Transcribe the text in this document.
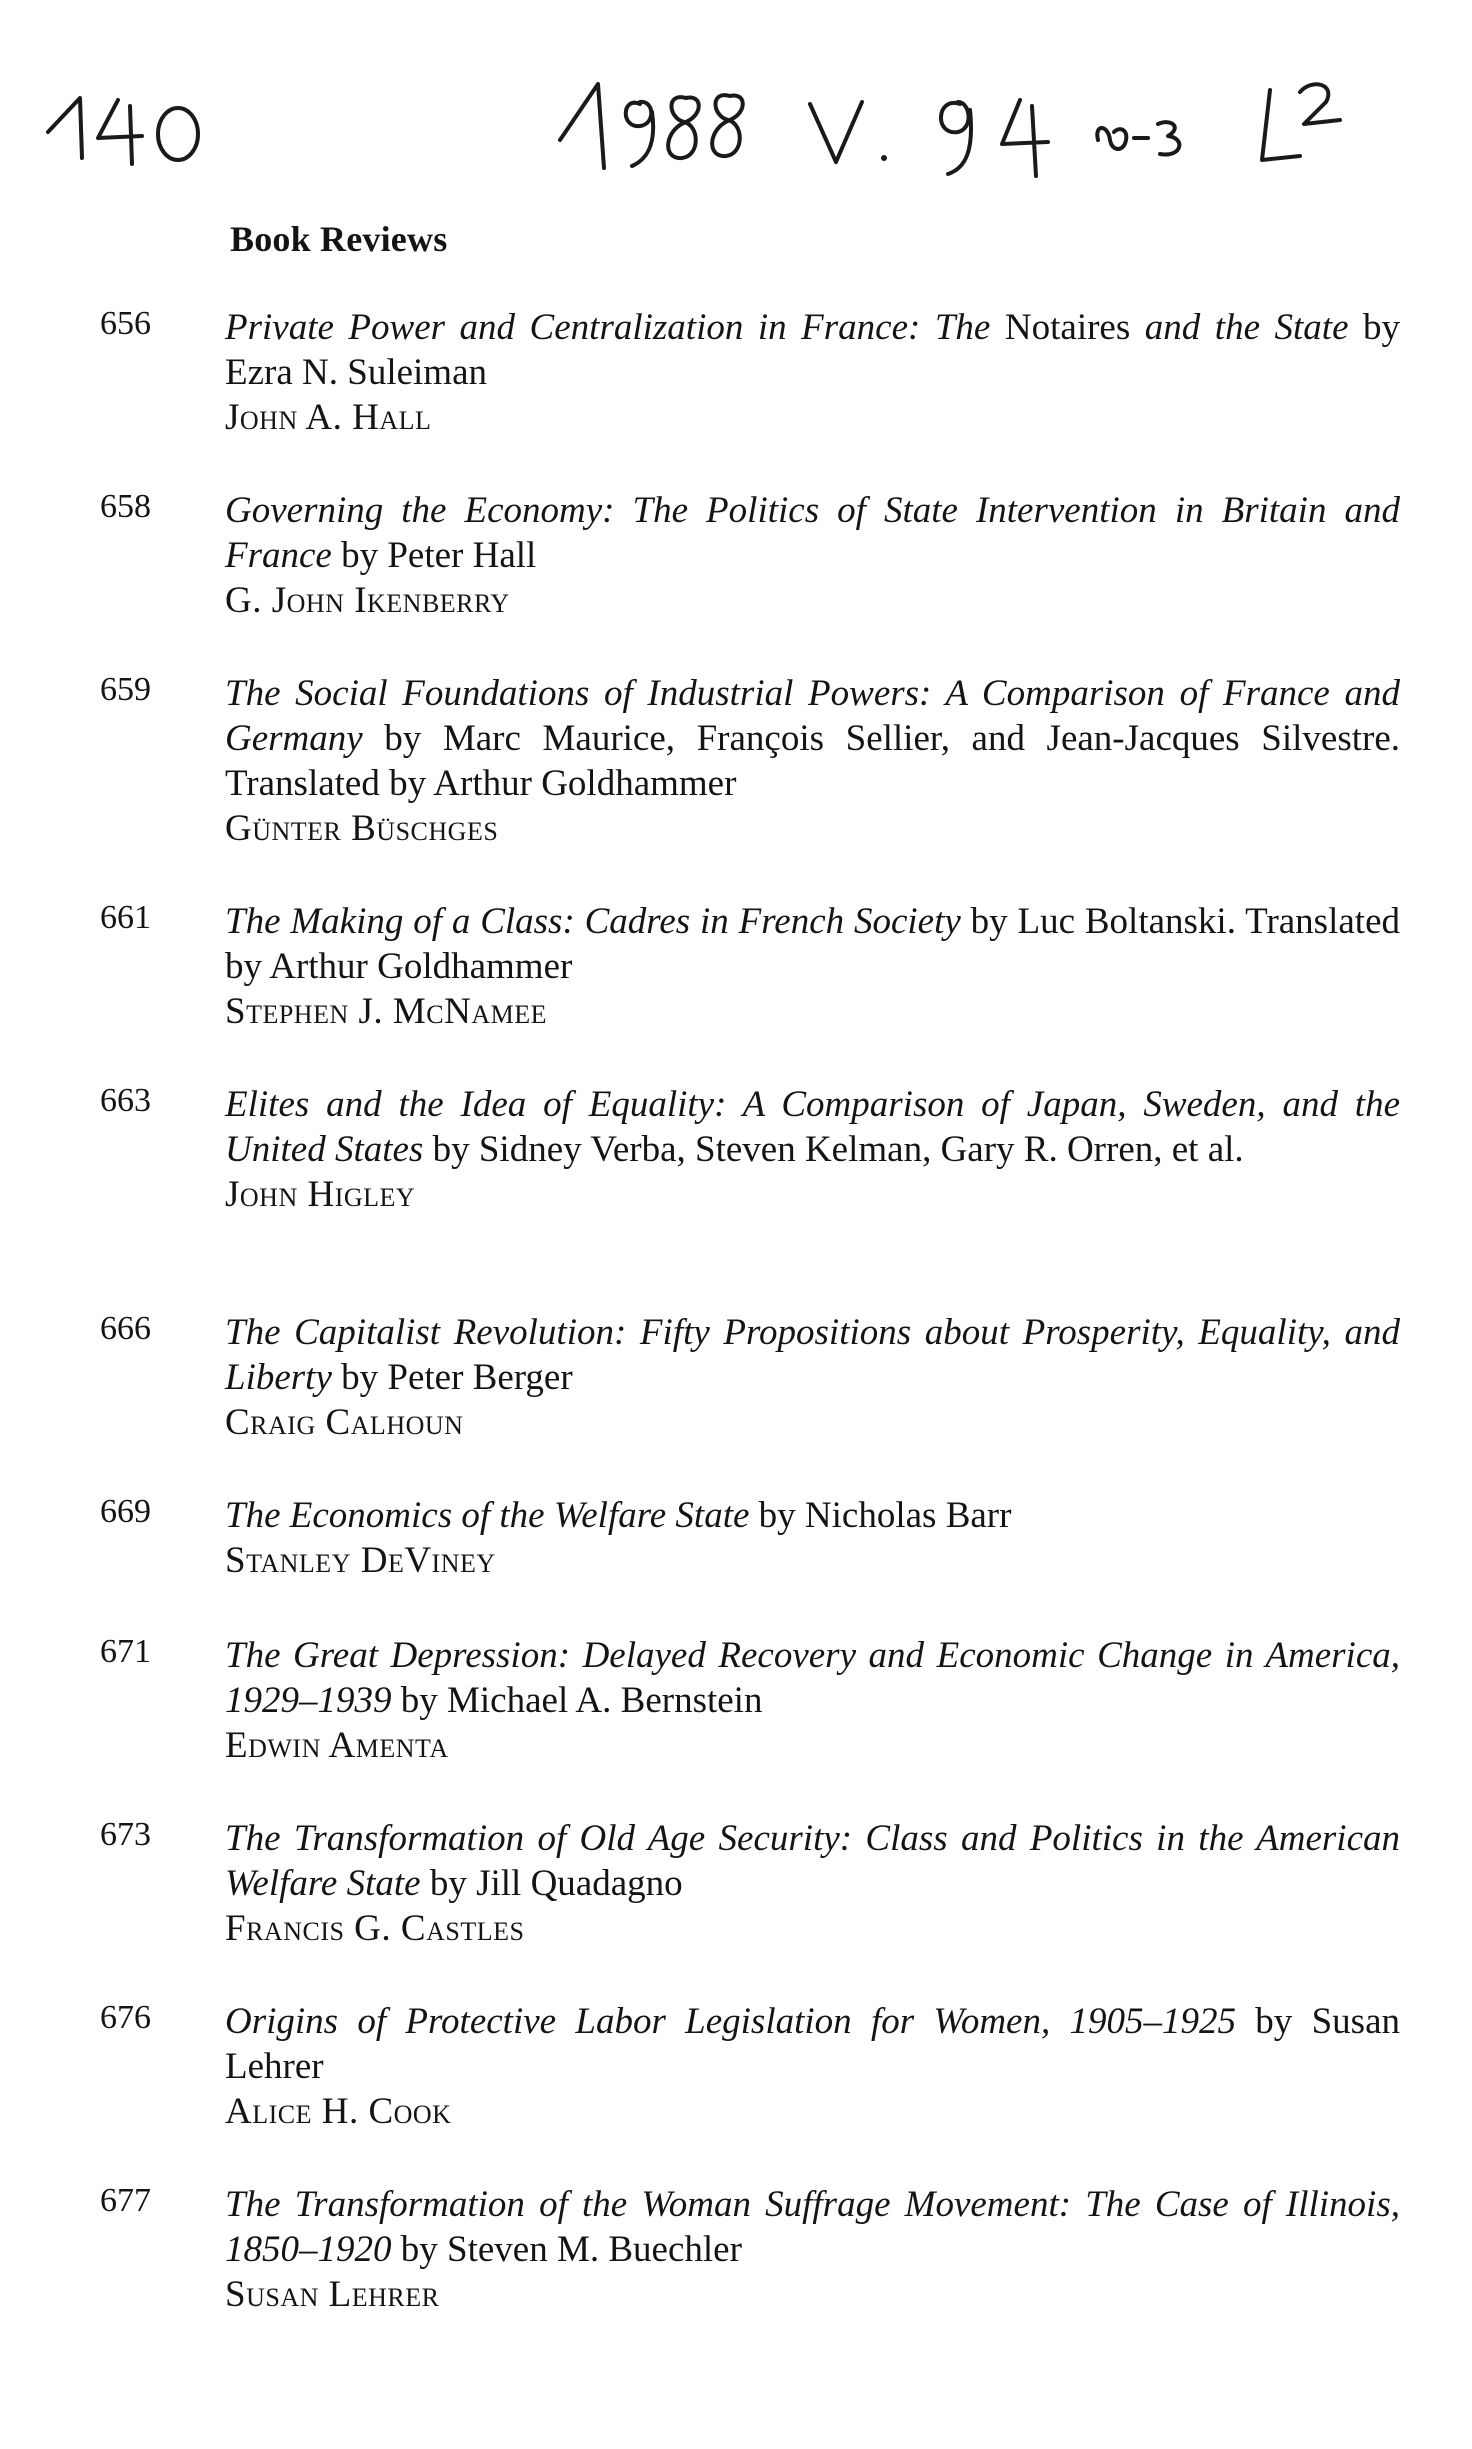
Book Reviews
656	Private Power and Centralization in France: The Notaires and the State by Ezra N. Suleiman
John A. Hall
658	Governing the Economy: The Politics of State Intervention in Britain and France by Peter Hall
G. John Ikenberry
659	The Social Foundations of Industrial Powers: A Comparison of France and Germany by Marc Maurice, François Sellier, and Jean-Jacques Silvestre. Translated by Arthur Goldhammer
Günter Büschges
661	The Making of a Class: Cadres in French Society by Luc Boltanski. Translated by Arthur Goldhammer
Stephen J. McNamee
663	Elites and the Idea of Equality: A Comparison of Japan, Sweden, and the United States by Sidney Verba, Steven Kelman, Gary R. Orren, et al.
John Higley
666	The Capitalist Revolution: Fifty Propositions about Prosperity, Equality, and Liberty by Peter Berger
Craig Calhoun
669	The Economics of the Welfare State by Nicholas Barr
Stanley DeViney
671	The Great Depression: Delayed Recovery and Economic Change in America, 1929–1939 by Michael A. Bernstein
Edwin Amenta
673	The Transformation of Old Age Security: Class and Politics in the American Welfare State by Jill Quadagno
Francis G. Castles
676	Origins of Protective Labor Legislation for Women, 1905–1925 by Susan Lehrer
Alice H. Cook
677	The Transformation of the Woman Suffrage Movement: The Case of Illinois, 1850–1920 by Steven M. Buechler
Susan Lehrer
